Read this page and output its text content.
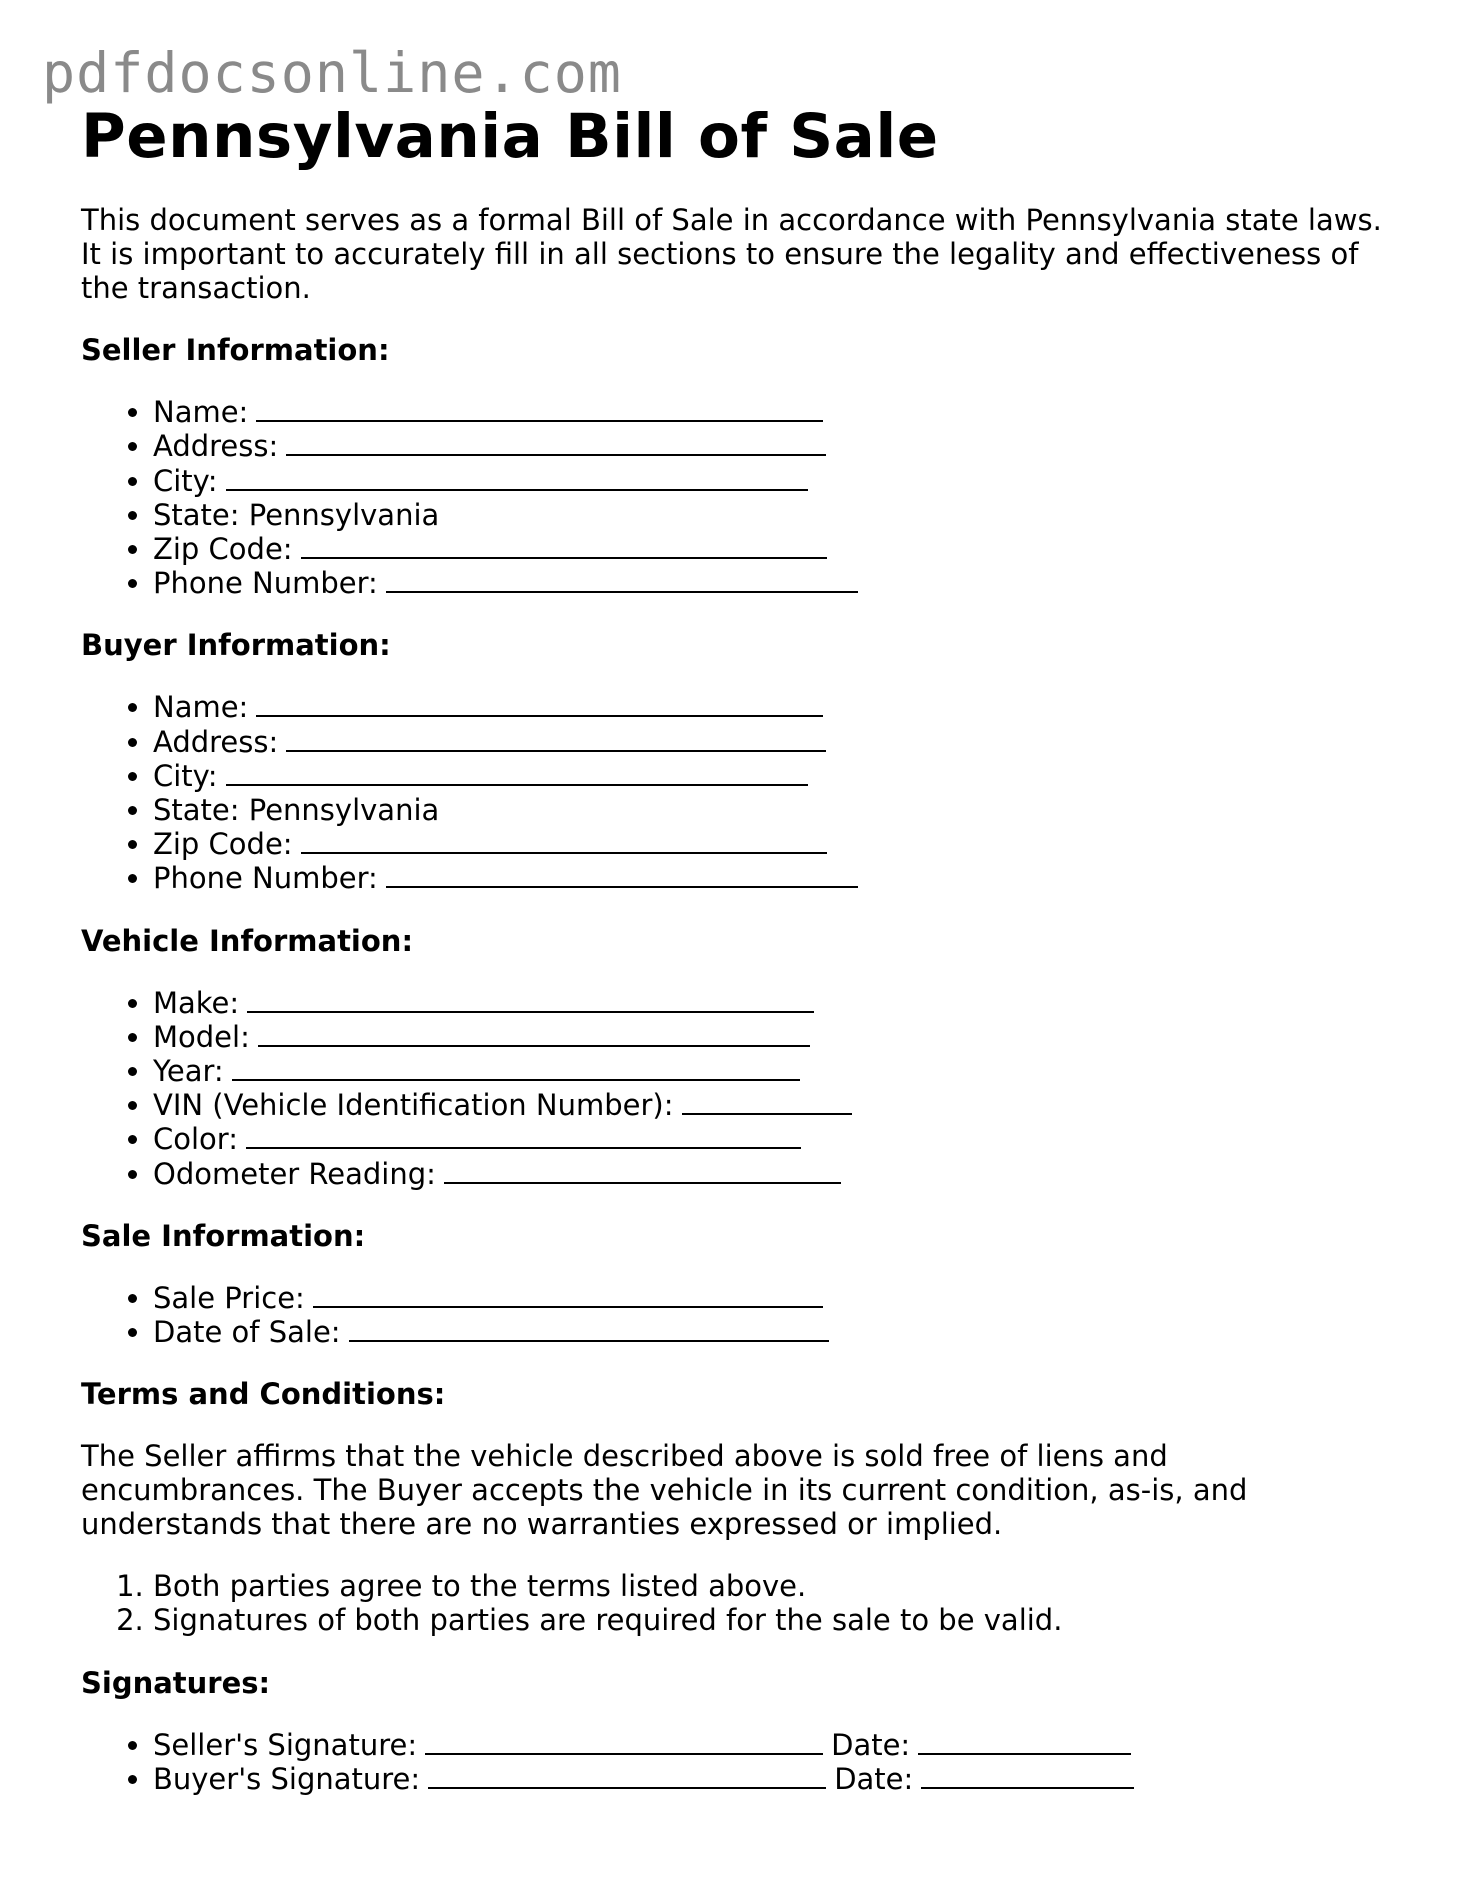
pdfdocsonline.com
Pennsylvania Bill of Sale

This document serves as a formal Bill of Sale in accordance with Pennsylvania state laws. It is important to accurately fill in all sections to ensure the legality and effectiveness of the transaction.

Seller Information:
• Name:
• Address:
• City:
• State: Pennsylvania
• Zip Code:
• Phone Number:
Buyer Information:
• Name:
• Address:
• City:
• State: Pennsylvania
• Zip Code:
• Phone Number:
Vehicle Information:
• Make:
• Model:
• Year:
• VIN (Vehicle Identification Number):
• Color:
• Odometer Reading:
Sale Information:
• Sale Price:
• Date of Sale:
Terms and Conditions:

The Seller affirms that the vehicle described above is sold free of liens and encumbrances. The Buyer accepts the vehicle in its current condition, as-is, and understands that there are no warranties expressed or implied.

1. Both parties agree to the terms listed above.
2. Signatures of both parties are required for the sale to be valid.
Signatures:
• Seller's Signature:	Date:
• Buyer's Signature:	Date:
